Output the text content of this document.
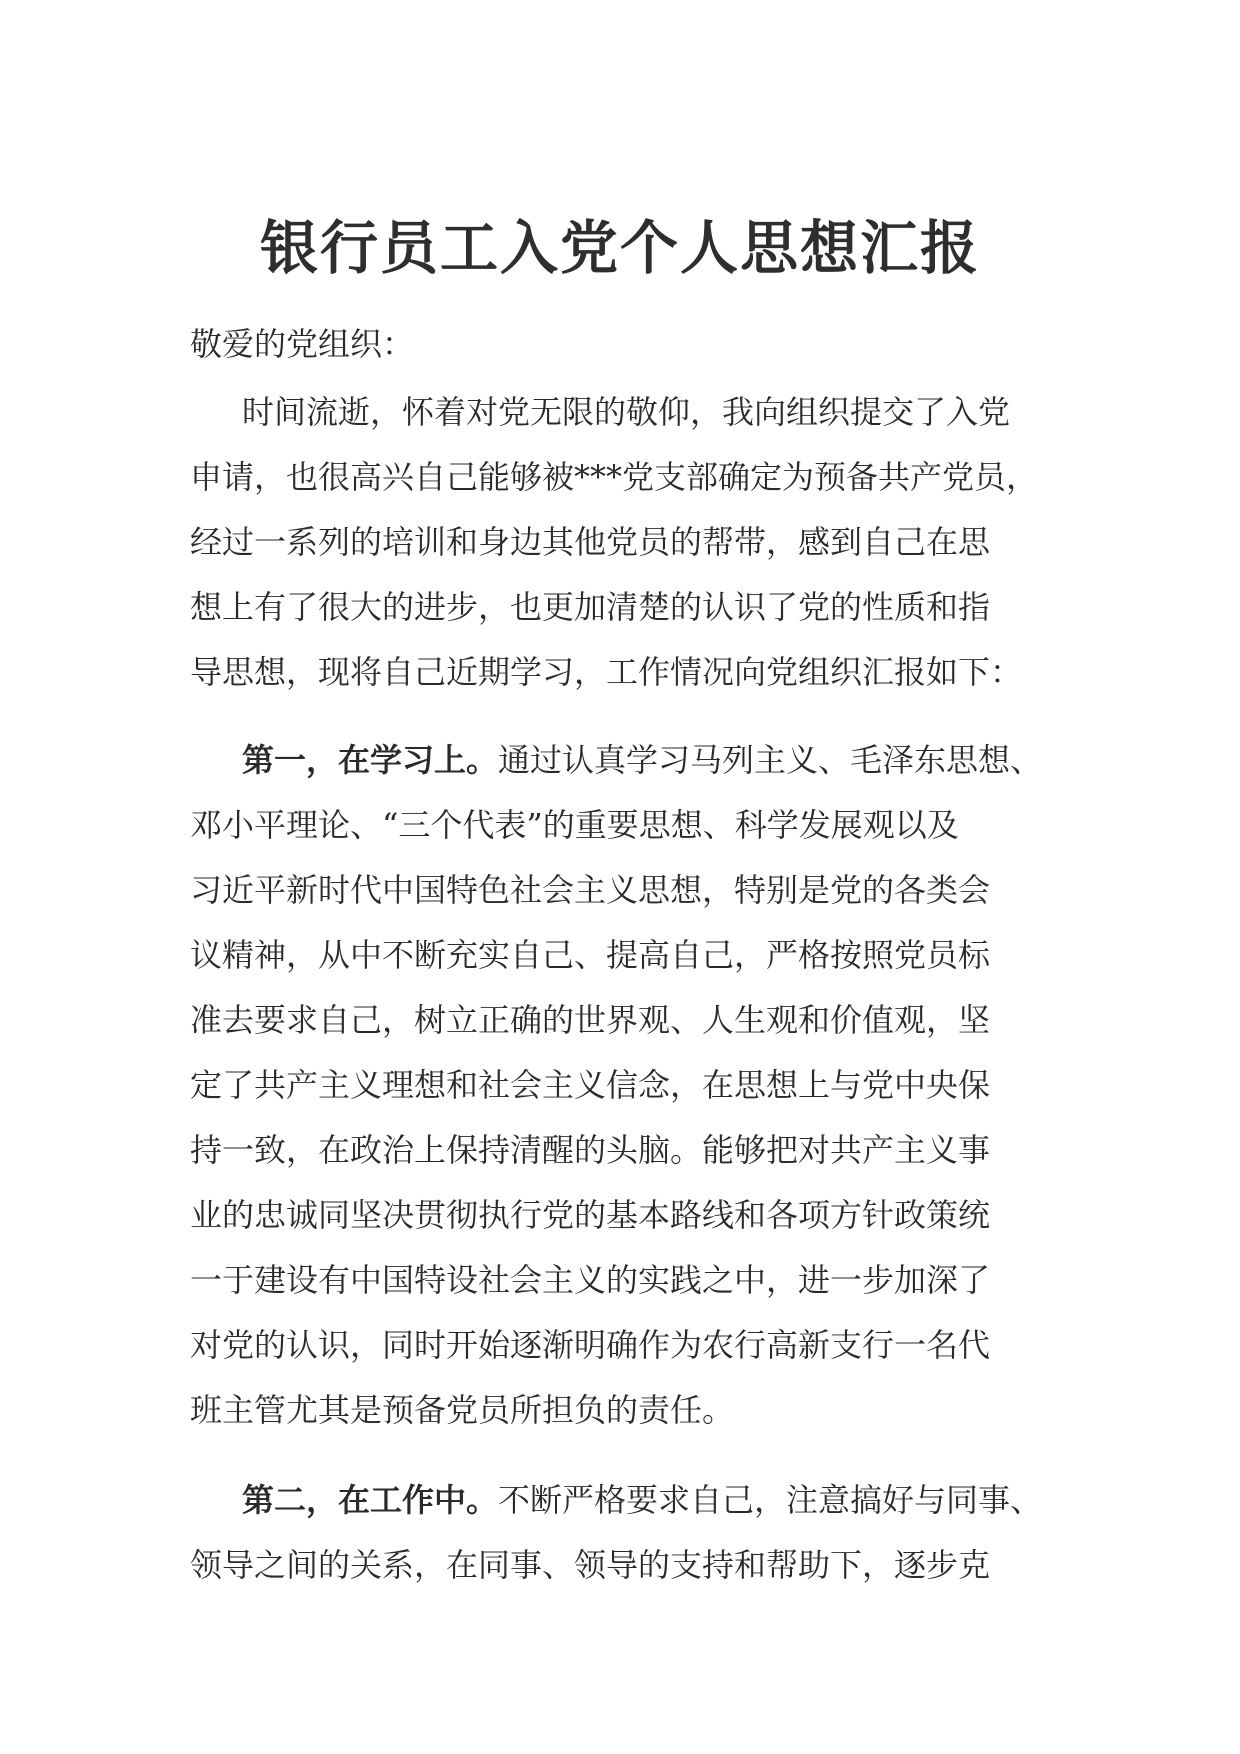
银行员工入党个人思想汇报
敬爱的党组织：
时间流逝，怀着对党无限的敬仰，我向组织提交了入党
申请，也很高兴自己能够被***党支部确定为预备共产党员，
经过一系列的培训和身边其他党员的帮带，感到自己在思
想上有了很大的进步，也更加清楚的认识了党的性质和指
导思想，现将自己近期学习，工作情况向党组织汇报如下：
第一，在学习上。通过认真学习马列主义、毛泽东思想、
邓小平理论、“三个代表”的重要思想、科学发展观以及
习近平新时代中国特色社会主义思想，特别是党的各类会
议精神，从中不断充实自己、提高自己，严格按照党员标
准去要求自己，树立正确的世界观、人生观和价值观，坚
定了共产主义理想和社会主义信念，在思想上与党中央保
持一致，在政治上保持清醒的头脑。能够把对共产主义事
业的忠诚同坚决贯彻执行党的基本路线和各项方针政策统
一于建设有中国特设社会主义的实践之中，进一步加深了
对党的认识，同时开始逐渐明确作为农行高新支行一名代
班主管尤其是预备党员所担负的责任。
第二，在工作中。不断严格要求自己，注意搞好与同事、
领导之间的关系，在同事、领导的支持和帮助下，逐步克
